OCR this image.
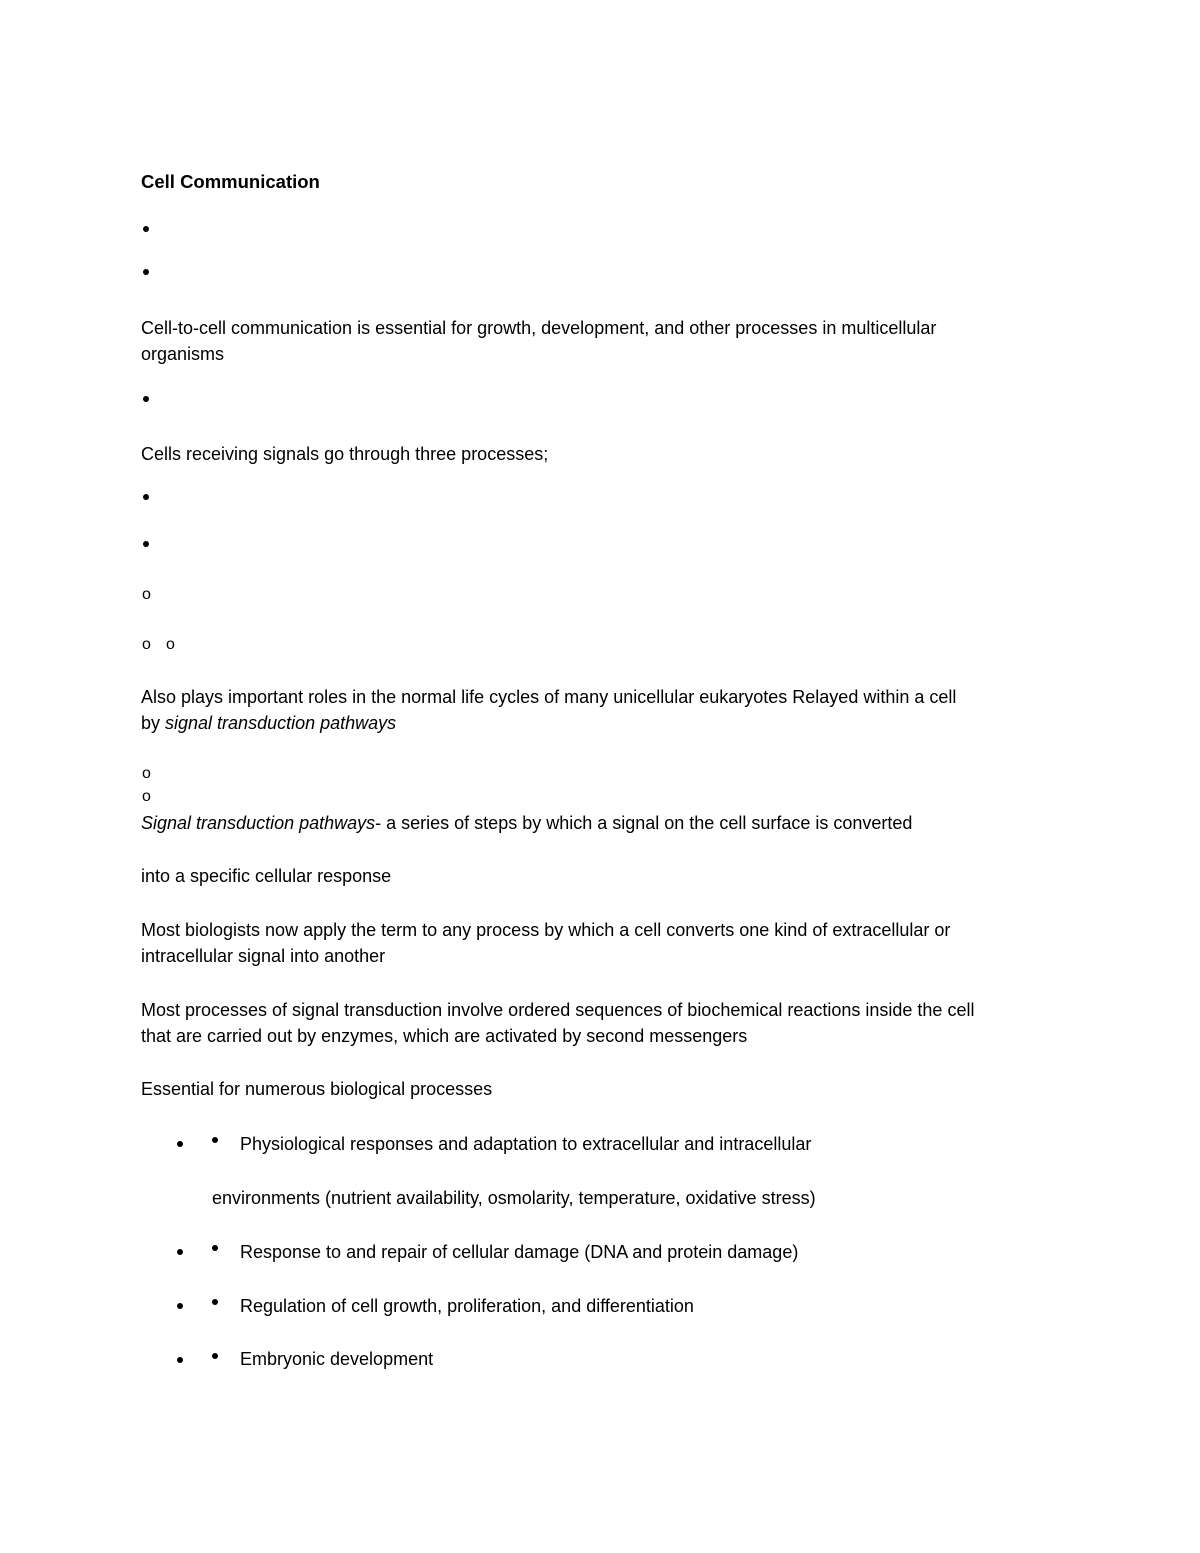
Cell Communication
Cell-to-cell communication is essential for growth, development, and other processes in multicellular
organisms
Cells receiving signals go through three processes;
o
o o
Also plays important roles in the normal life cycles of many unicellular eukaryotes Relayed within a cell
by signal transduction pathways
o
o
Signal transduction pathways- a series of steps by which a signal on the cell surface is converted
into a specific cellular response
Most biologists now apply the term to any process by which a cell converts one kind of extracellular or
intracellular signal into another
Most processes of signal transduction involve ordered sequences of biochemical reactions inside the cell
that are carried out by enzymes, which are activated by second messengers
Essential for numerous biological processes
Physiological responses and adaptation to extracellular and intracellular
environments (nutrient availability, osmolarity, temperature, oxidative stress)
Response to and repair of cellular damage (DNA and protein damage)
Regulation of cell growth, proliferation, and differentiation
Embryonic development
